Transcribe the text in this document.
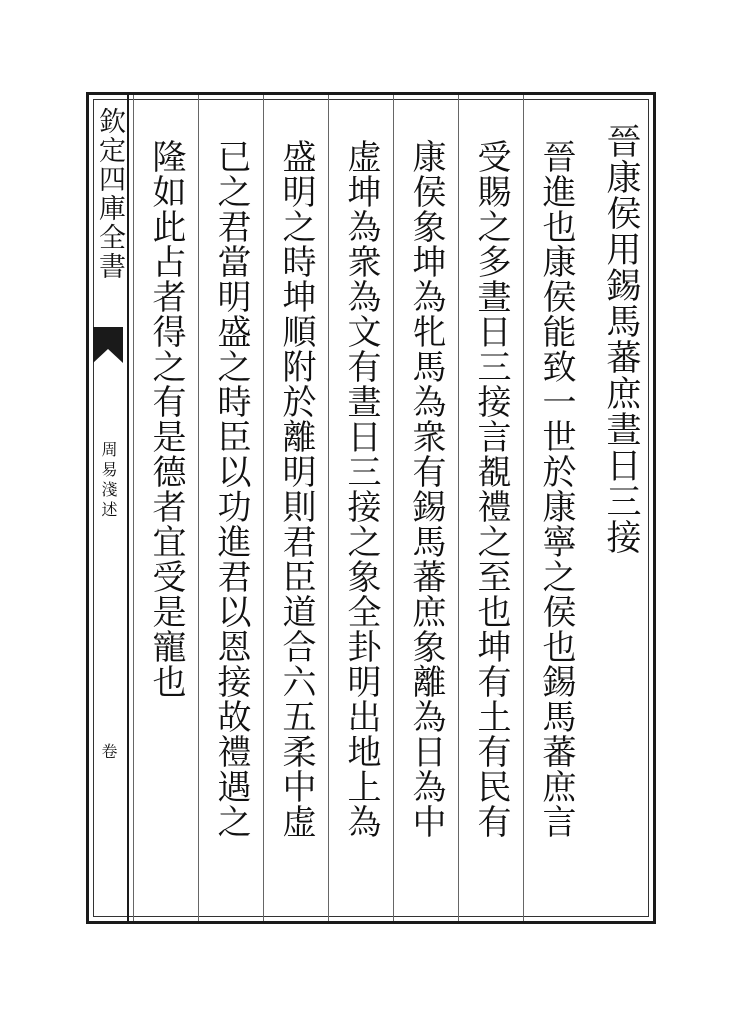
欽定四庫全書
周易淺述
卷
晉康侯用錫馬蕃庶晝日三接
晉進也康侯能致一世於康寧之侯也錫馬蕃庶言
受賜之多晝日三接言覩禮之至也坤有土有民有
康侯象坤為牝馬為衆有錫馬蕃庶象離為日為中
虚坤為衆為文有晝日三接之象全卦明出地上為
盛明之時坤順附於離明則君臣道合六五柔中虚
已之君當明盛之時臣以功進君以恩接故禮遇之
隆如此占者得之有是德者宜受是寵也
